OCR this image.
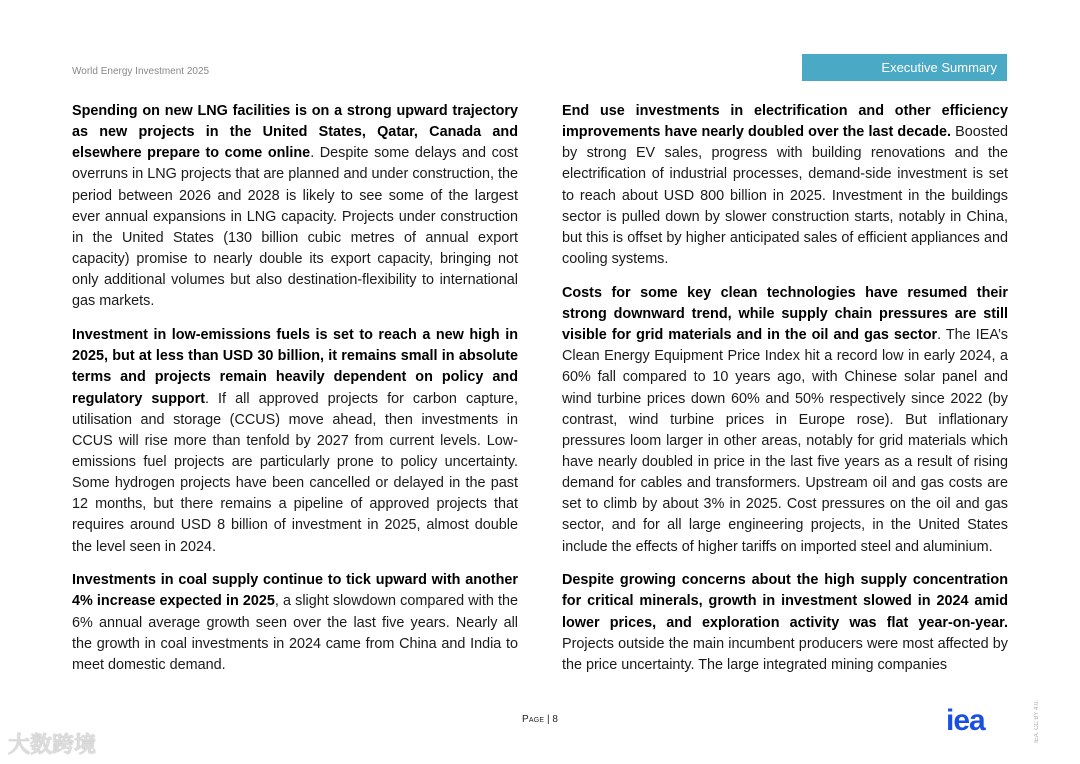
World Energy Investment 2025	Executive Summary

Spending on new LNG facilities is on a strong upward trajectory as new projects in the United States, Qatar, Canada and elsewhere prepare to come online. Despite some delays and cost overruns in LNG projects that are planned and under construction, the period between 2026 and 2028 is likely to see some of the largest ever annual expansions in LNG capacity. Projects under construction in the United States (130 billion cubic metres of annual export capacity) promise to nearly double its export capacity, bringing not only additional volumes but also destination-flexibility to international gas markets.

Investment in low-emissions fuels is set to reach a new high in 2025, but at less than USD 30 billion, it remains small in absolute terms and projects remain heavily dependent on policy and regulatory support. If all approved projects for carbon capture, utilisation and storage (CCUS) move ahead, then investments in CCUS will rise more than tenfold by 2027 from current levels. Low-emissions fuel projects are particularly prone to policy uncertainty. Some hydrogen projects have been cancelled or delayed in the past 12 months, but there remains a pipeline of approved projects that requires around USD 8 billion of investment in 2025, almost double the level seen in 2024.

Investments in coal supply continue to tick upward with another 4% increase expected in 2025, a slight slowdown compared with the 6% annual average growth seen over the last five years. Nearly all the growth in coal investments in 2024 came from China and India to meet domestic demand.

End use investments in electrification and other efficiency improvements have nearly doubled over the last decade. Boosted by strong EV sales, progress with building renovations and the electrification of industrial processes, demand-side investment is set to reach about USD 800 billion in 2025. Investment in the buildings sector is pulled down by slower construction starts, notably in China, but this is offset by higher anticipated sales of efficient appliances and cooling systems.

Costs for some key clean technologies have resumed their strong downward trend, while supply chain pressures are still visible for grid materials and in the oil and gas sector. The IEA’s Clean Energy Equipment Price Index hit a record low in early 2024, a 60% fall compared to 10 years ago, with Chinese solar panel and wind turbine prices down 60% and 50% respectively since 2022 (by contrast, wind turbine prices in Europe rose). But inflationary pressures loom larger in other areas, notably for grid materials which have nearly doubled in price in the last five years as a result of rising demand for cables and transformers. Upstream oil and gas costs are set to climb by about 3% in 2025. Cost pressures on the oil and gas sector, and for all large engineering projects, in the United States include the effects of higher tariffs on imported steel and aluminium.

Despite growing concerns about the high supply concentration for critical minerals, growth in investment slowed in 2024 amid lower prices, and exploration activity was flat year-on-year. Projects outside the main incumbent producers were most affected by the price uncertainty. The large integrated mining companies

Page | 8	iea	IEA. CC BY 4.0.
大数跨境
